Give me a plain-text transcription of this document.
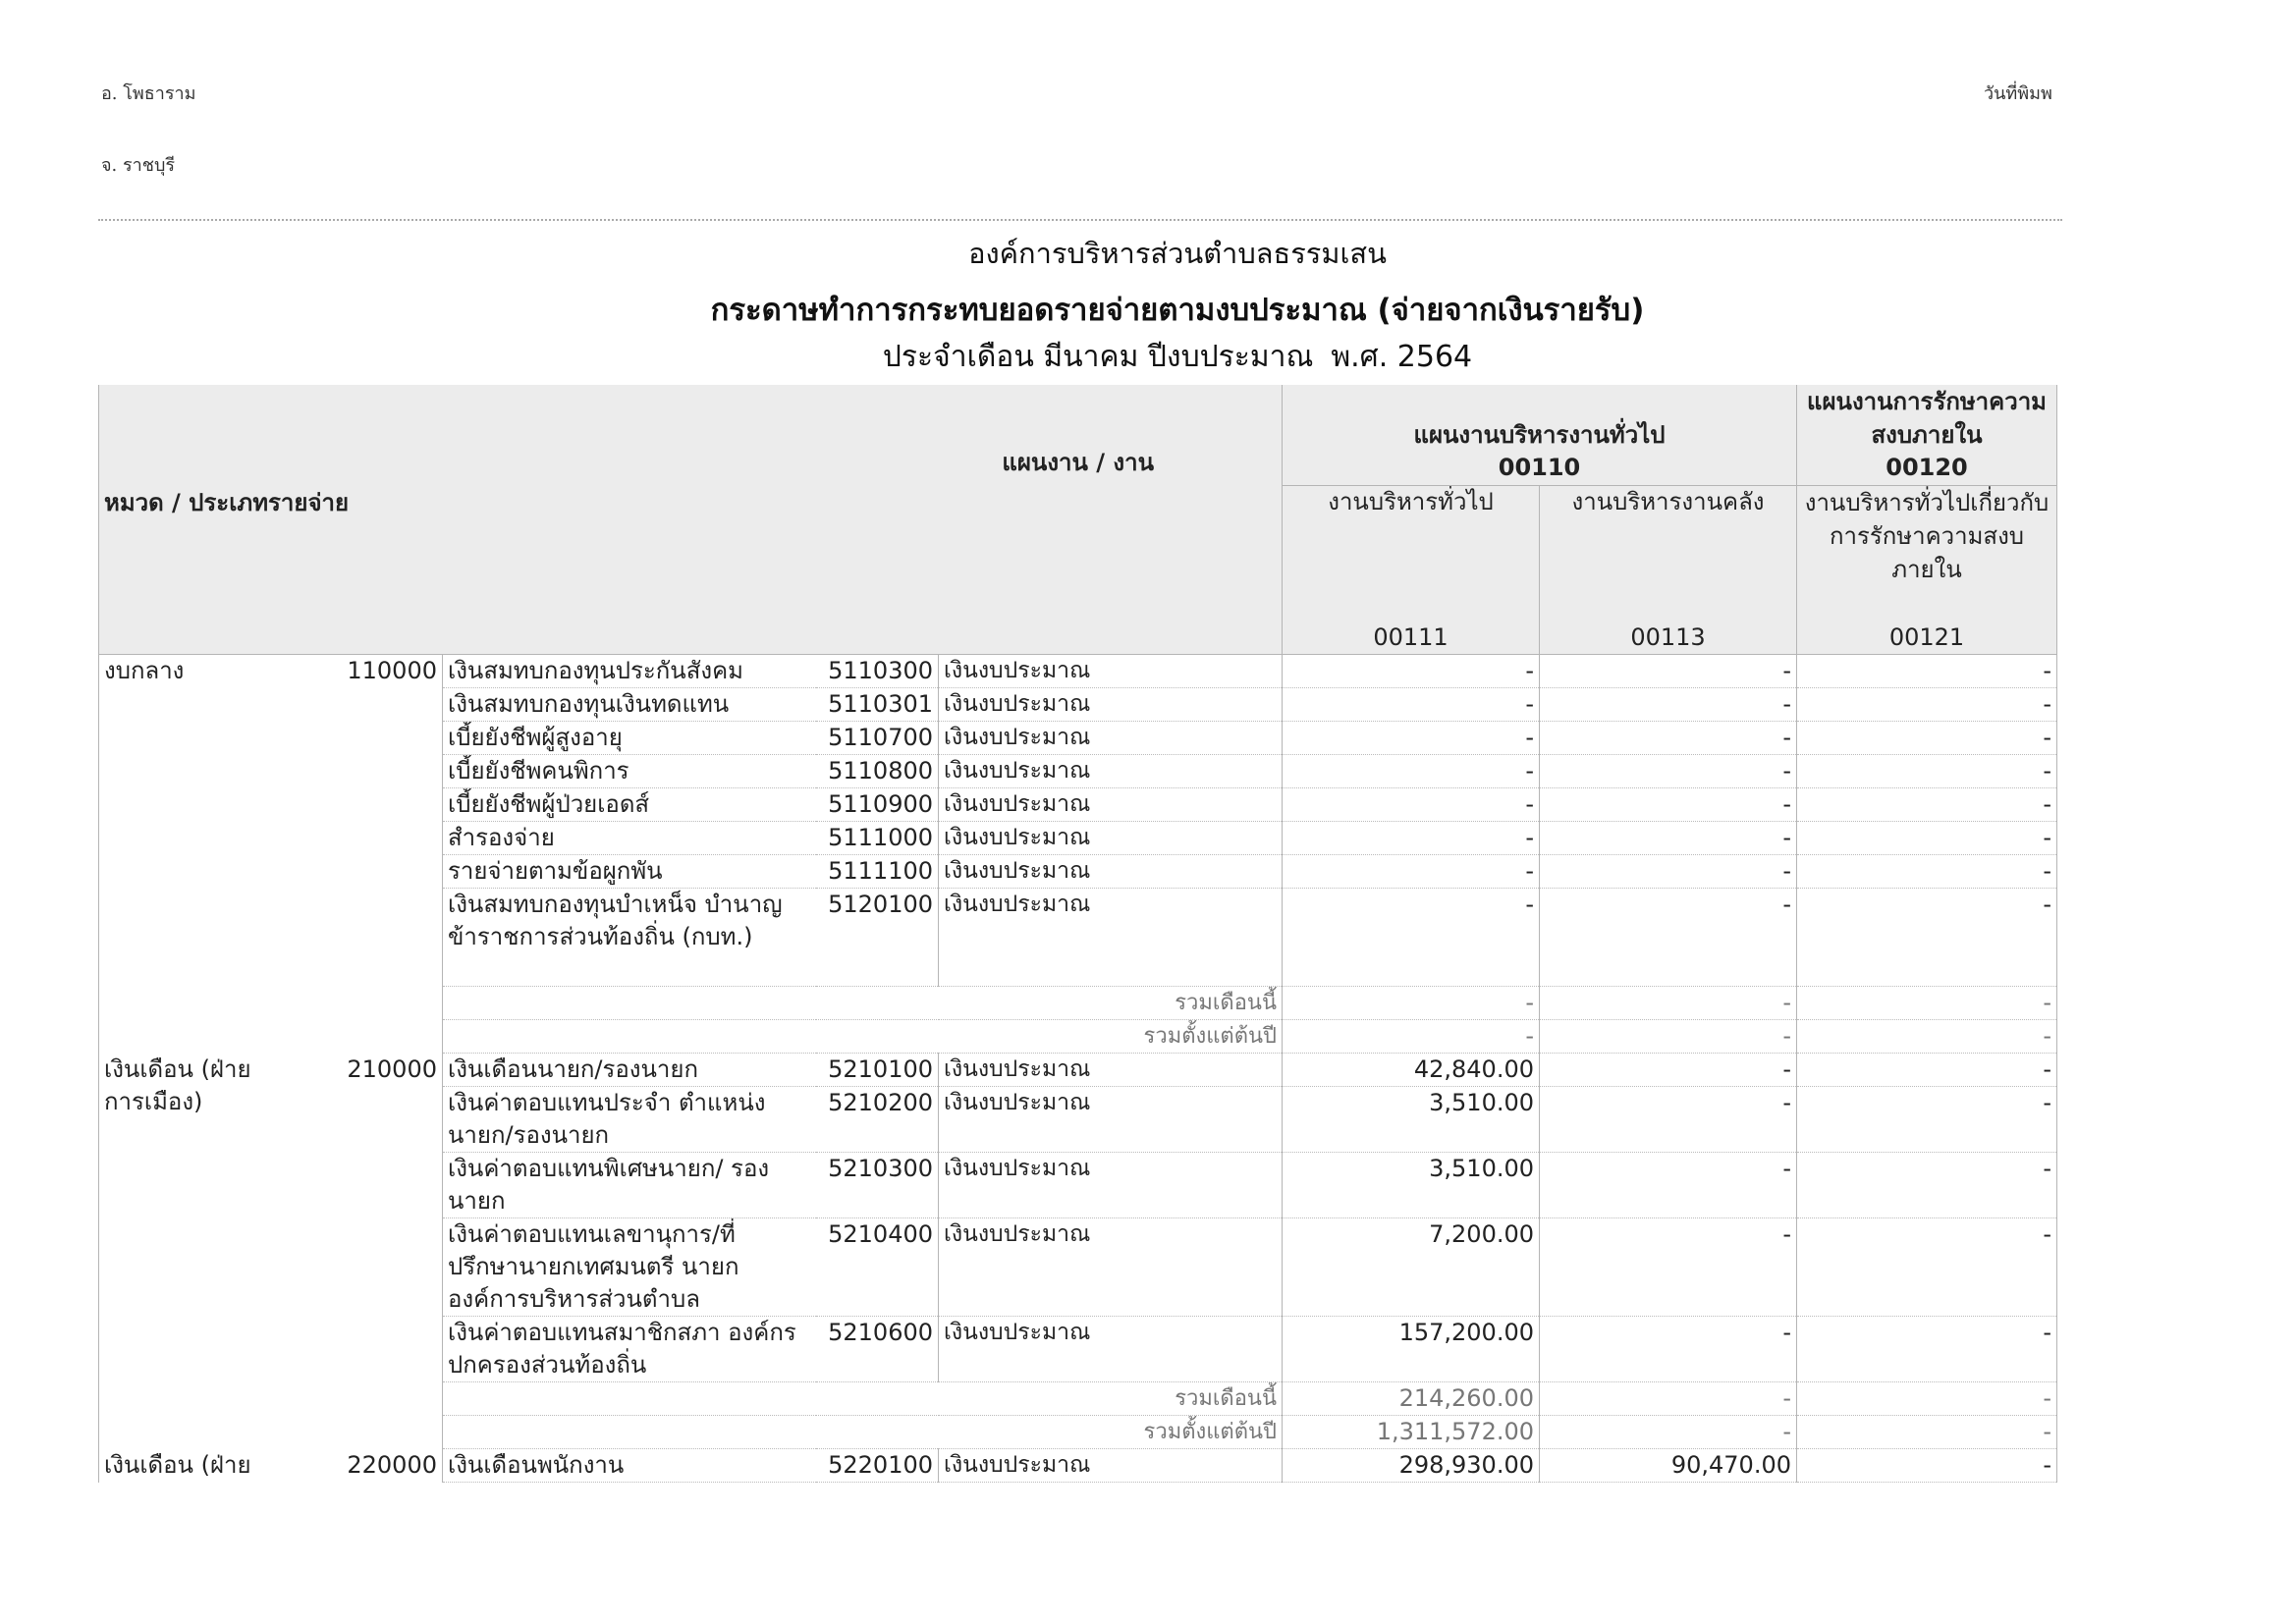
อ. โพธาราม
จ. ราชบุรี
วันที่พิมพ
องค์การบริหารส่วนตำบลธรรมเสน
กระดาษทำการกระทบยอดรายจ่ายตามงบประมาณ (จ่ายจากเงินรายรับ)
ประจำเดือน มีนาคม ปีงบประมาณ พ.ศ. 2564
หมวด / ประเภทรายจ่าย			แผนงาน / งาน		แผนงานบริหารงานทั่วไป		แผนงานการรักษาความสงบภายใน
					00110		00120
					งานบริหารทั่วไป	งานบริหารงานคลัง	งานบริหารทั่วไปเกี่ยวกับการรักษาความสงบภายใน
					00111	00113	00121
งบกลาง	110000	เงินสมทบกองทุนประกันสังคม	5110300	เงินงบประมาณ	-	-	-
		เงินสมทบกองทุนเงินทดแทน	5110301	เงินงบประมาณ	-	-	-
		เบี้ยยังชีพผู้สูงอายุ	5110700	เงินงบประมาณ	-	-	-
		เบี้ยยังชีพคนพิการ	5110800	เงินงบประมาณ	-	-	-
		เบี้ยยังชีพผู้ป่วยเอดส์	5110900	เงินงบประมาณ	-	-	-
		สำรองจ่าย	5111000	เงินงบประมาณ	-	-	-
		รายจ่ายตามข้อผูกพัน	5111100	เงินงบประมาณ	-	-	-
		เงินสมทบกองทุนบำเหน็จ บำนาญข้าราชการส่วนท้องถิ่น (กบท.)	5120100	เงินงบประมาณ	-	-	-
		รวมเดือนนี้			-	-	-
		รวมตั้งแต่ต้นปี			-	-	-
เงินเดือน (ฝ่ายการเมือง)	210000	เงินเดือนนายก/รองนายก	5210100	เงินงบประมาณ	42,840.00	-	-
		เงินค่าตอบแทนประจำ ตำแหน่งนายก/รองนายก	5210200	เงินงบประมาณ	3,510.00	-	-
		เงินค่าตอบแทนพิเศษนายก/ รองนายก	5210300	เงินงบประมาณ	3,510.00	-	-
		เงินค่าตอบแทนเลขานุการ/ที่ ปรึกษานายกเทศมนตรี นายก องค์การบริหารส่วนตำบล	5210400	เงินงบประมาณ	7,200.00	-	-
		เงินค่าตอบแทนสมาชิกสภา องค์กรปกครองส่วนท้องถิ่น	5210600	เงินงบประมาณ	157,200.00	-	-
		รวมเดือนนี้			214,260.00	-	-
		รวมตั้งแต่ต้นปี			1,311,572.00	-	-
เงินเดือน (ฝ่าย	220000	เงินเดือนพนักงาน	5220100	เงินงบประมาณ	298,930.00	90,470.00	-
